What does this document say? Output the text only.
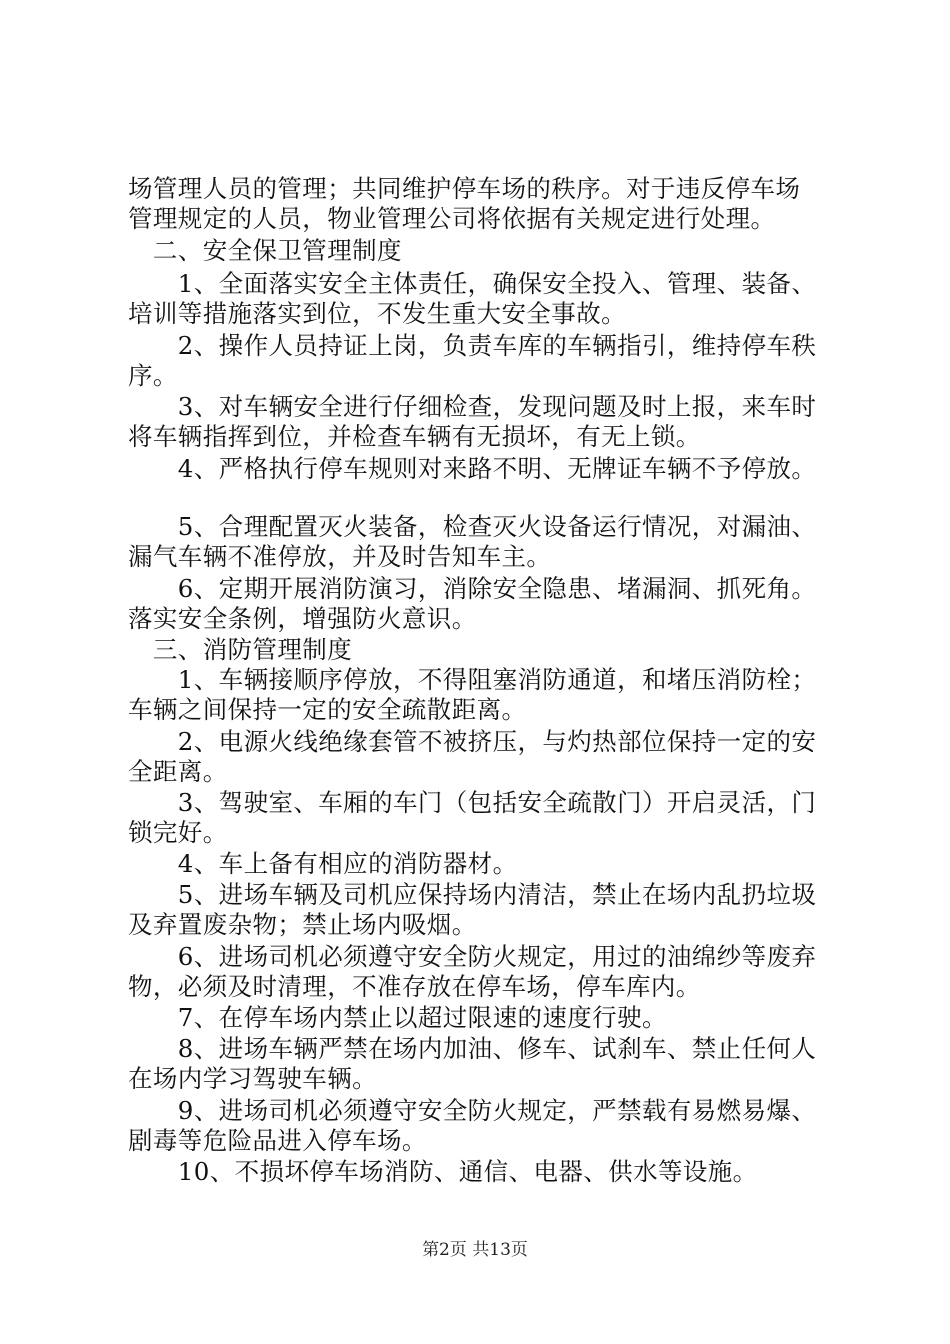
场管理人员的管理；共同维护停车场的秩序。对于违反停车场
管理规定的人员，物业管理公司将依据有关规定进行处理。
　二、安全保卫管理制度
　　1、全面落实安全主体责任，确保安全投入、管理、装备、
培训等措施落实到位，不发生重大安全事故。
　　2、操作人员持证上岗，负责车库的车辆指引，维持停车秩
序。
　　3、对车辆安全进行仔细检查，发现问题及时上报，来车时
将车辆指挥到位，并检查车辆有无损坏，有无上锁。
　　4、严格执行停车规则对来路不明、无牌证车辆不予停放。
　　5、合理配置灭火装备，检查灭火设备运行情况，对漏油、
漏气车辆不准停放，并及时告知车主。
　　6、定期开展消防演习，消除安全隐患、堵漏洞、抓死角。
落实安全条例，增强防火意识。
　三、消防管理制度
　　1、车辆接顺序停放，不得阻塞消防通道，和堵压消防栓；
车辆之间保持一定的安全疏散距离。
　　2、电源火线绝缘套管不被挤压，与灼热部位保持一定的安
全距离。
　　3、驾驶室、车厢的车门（包括安全疏散门）开启灵活，门
锁完好。
　　4、车上备有相应的消防器材。
　　5、进场车辆及司机应保持场内清洁，禁止在场内乱扔垃圾
及弃置废杂物；禁止场内吸烟。
　　6、进场司机必须遵守安全防火规定，用过的油绵纱等废弃
物，必须及时清理，不准存放在停车场，停车库内。
　　7、在停车场内禁止以超过限速的速度行驶。
　　8、进场车辆严禁在场内加油、修车、试刹车、禁止任何人
在场内学习驾驶车辆。
　　9、进场司机必须遵守安全防火规定，严禁载有易燃易爆、
剧毒等危险品进入停车场。
　　10、不损坏停车场消防、通信、电器、供水等设施。
第2页 共13页
